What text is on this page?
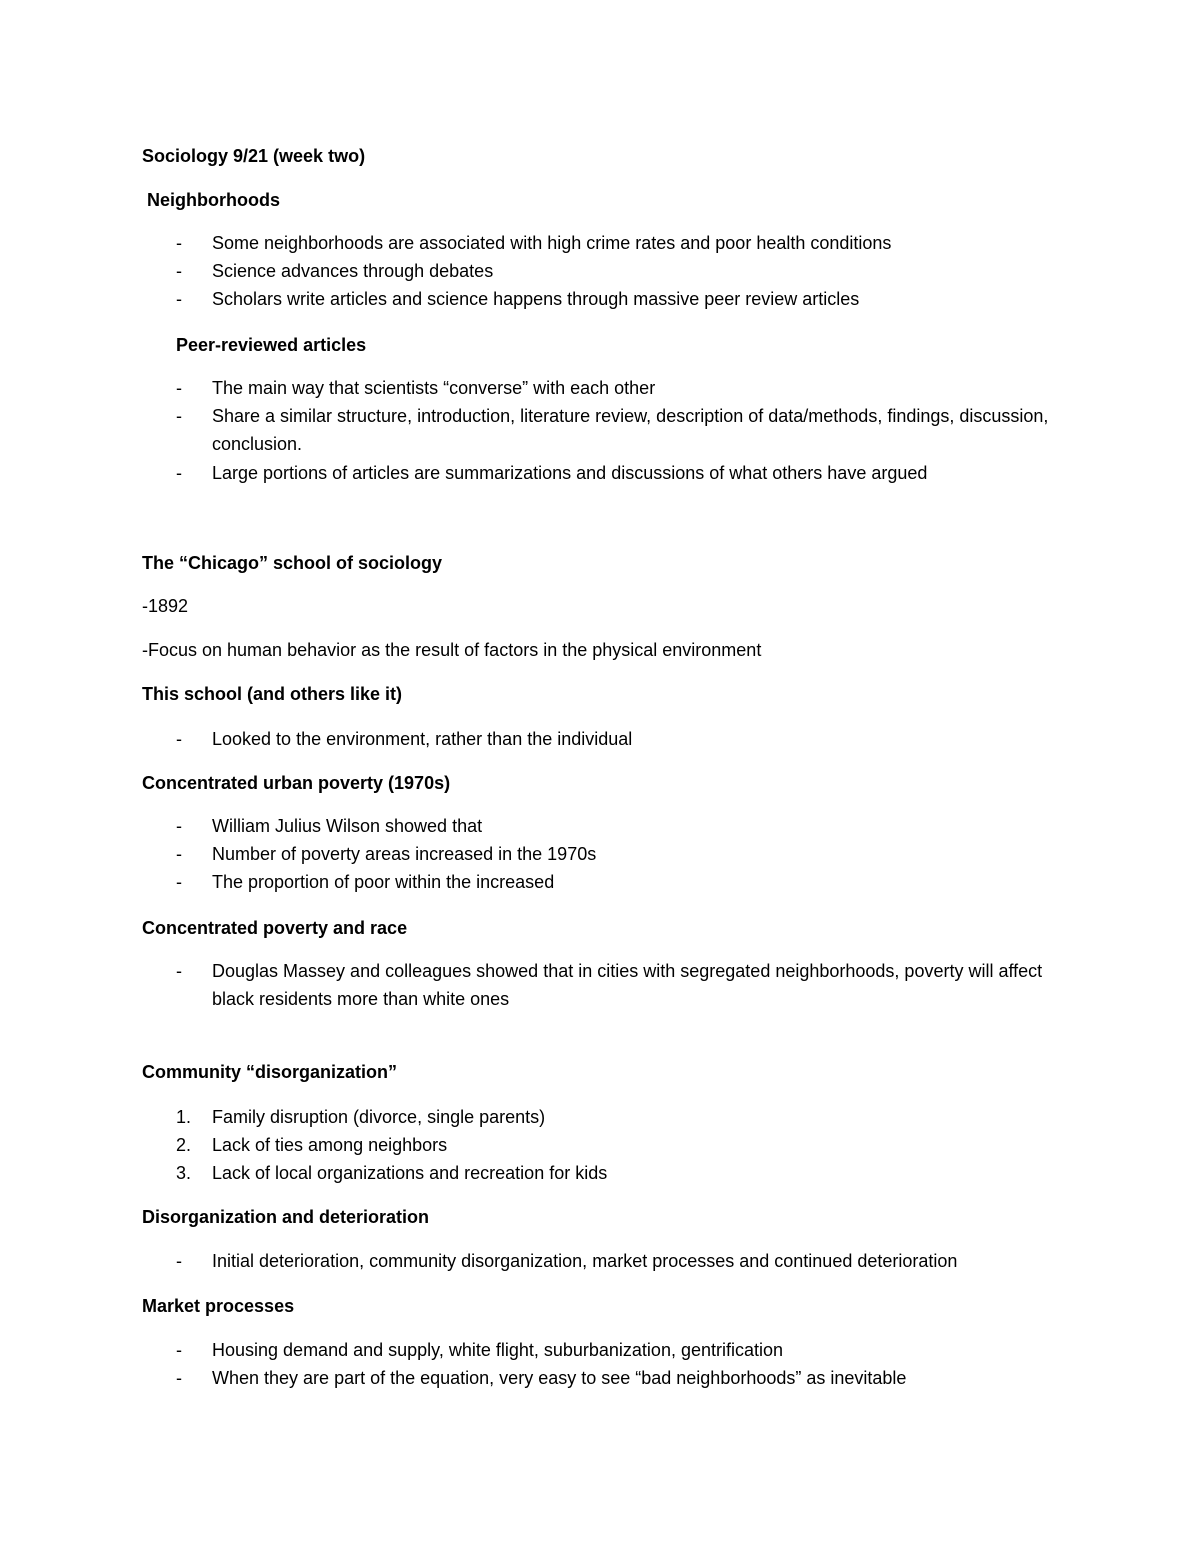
Sociology 9/21 (week two)
Neighborhoods
-	Some neighborhoods are associated with high crime rates and poor health conditions
-	Science advances through debates
-	Scholars write articles and science happens through massive peer review articles
Peer-reviewed articles
-	The main way that scientists “converse” with each other
-	Share a similar structure, introduction, literature review, description of data/methods, findings, discussion, conclusion.
-	Large portions of articles are summarizations and discussions of what others have argued
The “Chicago” school of sociology
-1892
-Focus on human behavior as the result of factors in the physical environment
This school (and others like it)
-	Looked to the environment, rather than the individual
Concentrated urban poverty (1970s)
-	William Julius Wilson showed that
-	Number of poverty areas increased in the 1970s
-	The proportion of poor within the increased
Concentrated poverty and race
-	Douglas Massey and colleagues showed that in cities with segregated neighborhoods, poverty will affect black residents more than white ones
Community “disorganization”
1.	Family disruption (divorce, single parents)
2.	Lack of ties among neighbors
3.	Lack of local organizations and recreation for kids
Disorganization and deterioration
-	Initial deterioration, community disorganization, market processes and continued deterioration
Market processes
-	Housing demand and supply, white flight, suburbanization, gentrification
-	When they are part of the equation, very easy to see “bad neighborhoods” as inevitable
